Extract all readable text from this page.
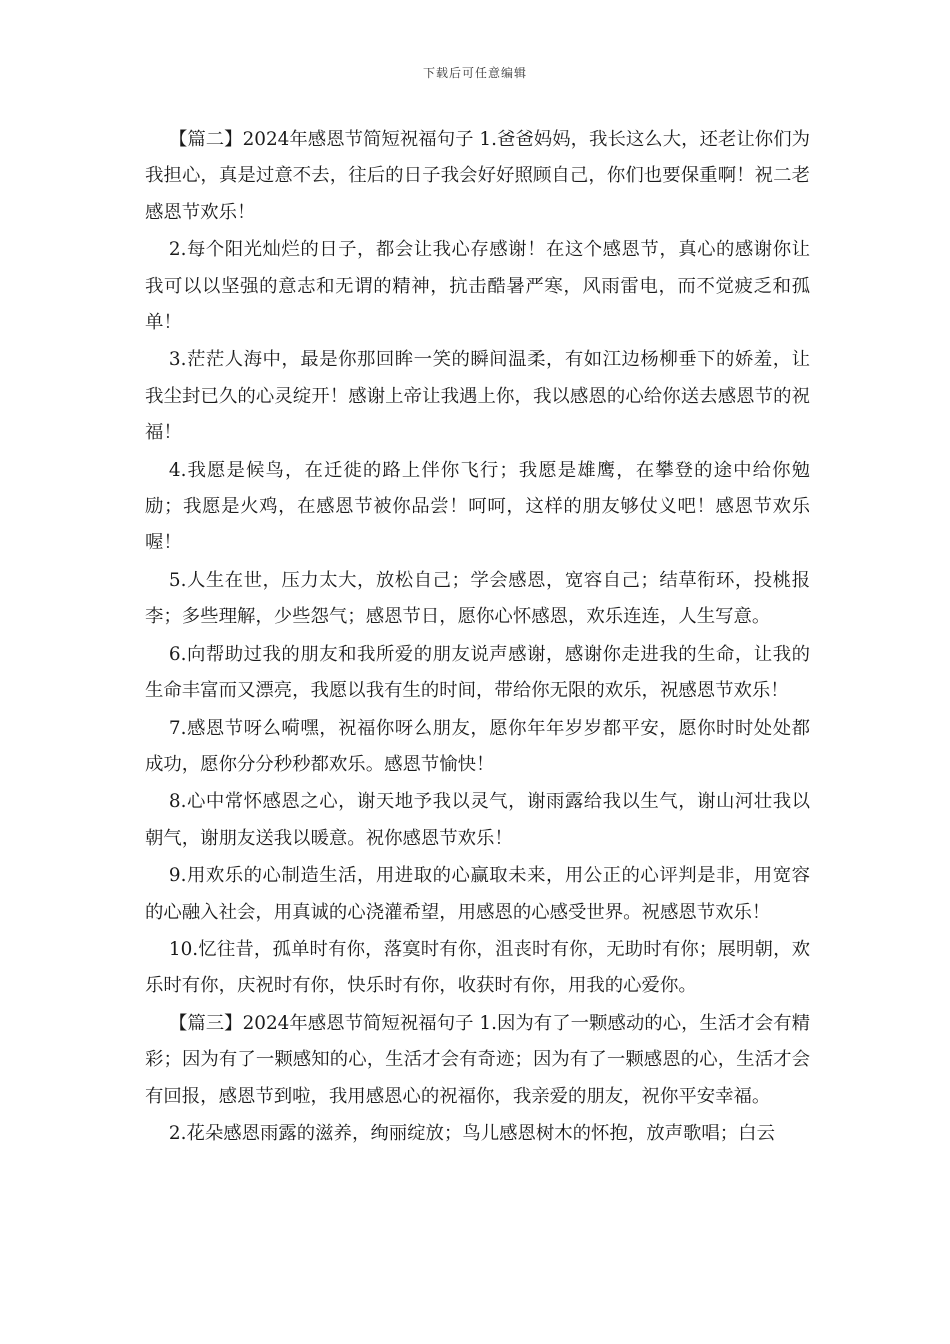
下载后可任意编辑

【篇二】2024年感恩节简短祝福句子 1.爸爸妈妈，我长这么大，还老让你们为我担心，真是过意不去，往后的日子我会好好照顾自己，你们也要保重啊！祝二老感恩节欢乐！

2.每个阳光灿烂的日子，都会让我心存感谢！在这个感恩节，真心的感谢你让我可以以坚强的意志和无谓的精神，抗击酷暑严寒，风雨雷电，而不觉疲乏和孤单！

3.茫茫人海中，最是你那回眸一笑的瞬间温柔，有如江边杨柳垂下的娇羞，让我尘封已久的心灵绽开！感谢上帝让我遇上你，我以感恩的心给你送去感恩节的祝福！

4.我愿是候鸟，在迁徙的路上伴你飞行；我愿是雄鹰，在攀登的途中给你勉励；我愿是火鸡，在感恩节被你品尝！呵呵，这样的朋友够仗义吧！感恩节欢乐喔！

5.人生在世，压力太大，放松自己；学会感恩，宽容自己；结草衔环，投桃报李；多些理解，少些怨气；感恩节日，愿你心怀感恩，欢乐连连，人生写意。

6.向帮助过我的朋友和我所爱的朋友说声感谢，感谢你走进我的生命，让我的生命丰富而又漂亮，我愿以我有生的时间，带给你无限的欢乐，祝感恩节欢乐！

7.感恩节呀么嗬嘿，祝福你呀么朋友，愿你年年岁岁都平安，愿你时时处处都成功，愿你分分秒秒都欢乐。感恩节愉快！

8.心中常怀感恩之心，谢天地予我以灵气，谢雨露给我以生气，谢山河壮我以朝气，谢朋友送我以暖意。祝你感恩节欢乐！

9.用欢乐的心制造生活，用进取的心赢取未来，用公正的心评判是非，用宽容的心融入社会，用真诚的心浇灌希望，用感恩的心感受世界。祝感恩节欢乐！

10.忆往昔，孤单时有你，落寞时有你，沮丧时有你，无助时有你；展明朝，欢乐时有你，庆祝时有你，快乐时有你，收获时有你，用我的心爱你。

【篇三】2024年感恩节简短祝福句子 1.因为有了一颗感动的心，生活才会有精彩；因为有了一颗感知的心，生活才会有奇迹；因为有了一颗感恩的心，生活才会有回报，感恩节到啦，我用感恩心的祝福你，我亲爱的朋友，祝你平安幸福。

2.花朵感恩雨露的滋养，绚丽绽放；鸟儿感恩树木的怀抱，放声歌唱；白云
